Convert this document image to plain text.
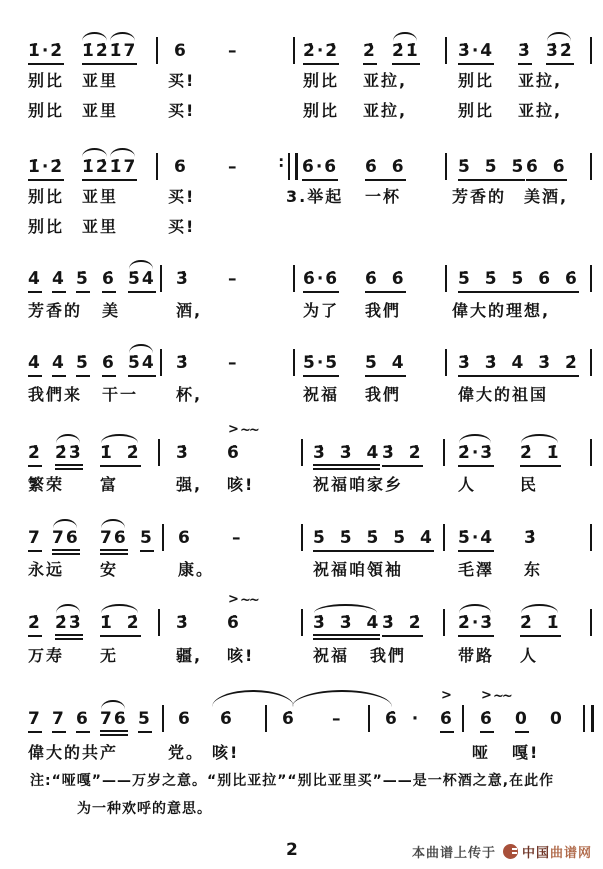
1̇·2̇ 1̇2̇1̇7 6 –	2̇·2̇ 2̇ 2̇1̇ 3̇·4̇ 3̇ 3̇2̇
别比 亚里	买!	别比 亚拉,	别比 亚拉,
别比 亚里	买!	别比 亚拉,	别比 亚拉,
1̇·2̇ 1̇2̇1̇7 6 – ∶	6̇·6̇ 6̇ 6̇	5̇ 5̇ 5̇ 6̇ 6̇
别比 亚里	买!	3.举起 一杯	芳香的 美酒,
别比 亚里	买!
4̇ 4̇ 5̇ 6̇ 5̇4̇ 3̇ –	6̇·6̇ 6̇ 6̇	5̇ 5̇ 5̇ 6̇ 6̇
芳香的 美	酒,	为了 我們	偉大的理想,
4̇ 4̇ 5̇ 6̇ 5̇4̇ 3̇ –	5̇·5̇ 5̇ 4̇	3̇ 3̇ 4̇ 3̇ 2̇
我們来 干一 杯,	祝福 我們	偉大的祖国
2̇ 2̇3̇ 1̇ 2̇ 3̇ 6̇
> ~~
3̇ 3̇ 4̇ 3̇ 2̇ 2̇·3̇ 2̇ 1̇
繁荣 富	强, 咳!	祝福咱家乡	人	民
7 76 76 5 6 –	5̇ 5̇ 5̇ 5̇ 4̇ 5̇·4̇ 3̇
永远 安	康。	祝福咱領袖	毛澤 东
2̇ 2̇3̇ 1̇ 2̇ 3̇ 6̇
> ~~
3̇ 3̇ 4̇ 3̇ 2̇ 2̇·3̇ 2̇ 1̇
万寿 无	疆, 咳!	祝福 我們	带路 人
7 7 6 76 5 6 6̇	6̇ –	6̇ · 6̇
>
6̇
> ~~
0 0
偉大的共产	党。 咳!	哑 嘎!
注:“哑嘎”——万岁之意。“别比亚拉”“别比亚里买”——是一杯酒之意,在此作
为一种欢呼的意思。
2	本曲谱上传于 中国 曲谱网
